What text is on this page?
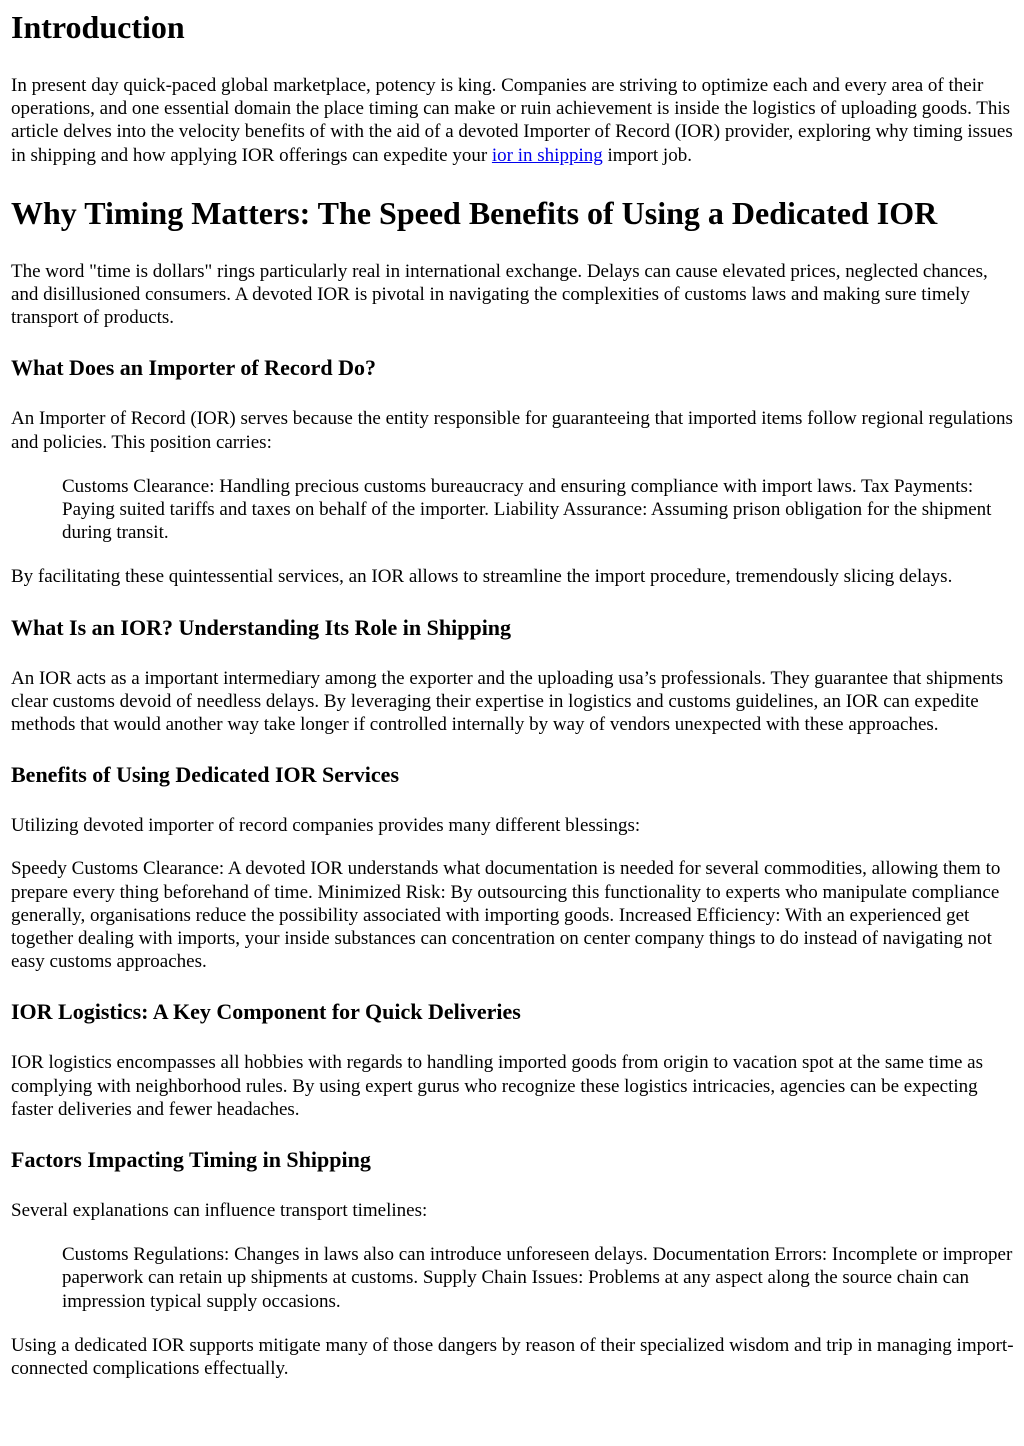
Introduction

In present day quick-paced global marketplace, potency is king. Companies are striving to optimize each and every area of their operations, and one essential domain the place timing can make or ruin achievement is inside the logistics of uploading goods. This article delves into the velocity benefits of with the aid of a devoted Importer of Record (IOR) provider, exploring why timing issues in shipping and how applying IOR offerings can expedite your ior in shipping import job.

Why Timing Matters: The Speed Benefits of Using a Dedicated IOR

The word "time is dollars" rings particularly real in international exchange. Delays can cause elevated prices, neglected chances, and disillusioned consumers. A devoted IOR is pivotal in navigating the complexities of customs laws and making sure timely transport of products.

What Does an Importer of Record Do?

An Importer of Record (IOR) serves because the entity responsible for guaranteeing that imported items follow regional regulations and policies. This position carries:

Customs Clearance: Handling precious customs bureaucracy and ensuring compliance with import laws. Tax Payments: Paying suited tariffs and taxes on behalf of the importer. Liability Assurance: Assuming prison obligation for the shipment during transit.

By facilitating these quintessential services, an IOR allows to streamline the import procedure, tremendously slicing delays.

What Is an IOR? Understanding Its Role in Shipping

An IOR acts as a important intermediary among the exporter and the uploading usa’s professionals. They guarantee that shipments clear customs devoid of needless delays. By leveraging their expertise in logistics and customs guidelines, an IOR can expedite methods that would another way take longer if controlled internally by way of vendors unexpected with these approaches.

Benefits of Using Dedicated IOR Services

Utilizing devoted importer of record companies provides many different blessings:

Speedy Customs Clearance: A devoted IOR understands what documentation is needed for several commodities, allowing them to prepare every thing beforehand of time. Minimized Risk: By outsourcing this functionality to experts who manipulate compliance generally, organisations reduce the possibility associated with importing goods. Increased Efficiency: With an experienced get together dealing with imports, your inside substances can concentration on center company things to do instead of navigating not easy customs approaches.

IOR Logistics: A Key Component for Quick Deliveries

IOR logistics encompasses all hobbies with regards to handling imported goods from origin to vacation spot at the same time as complying with neighborhood rules. By using expert gurus who recognize these logistics intricacies, agencies can be expecting faster deliveries and fewer headaches.

Factors Impacting Timing in Shipping

Several explanations can influence transport timelines:

Customs Regulations: Changes in laws also can introduce unforeseen delays. Documentation Errors: Incomplete or improper paperwork can retain up shipments at customs. Supply Chain Issues: Problems at any aspect along the source chain can impression typical supply occasions.

Using a dedicated IOR supports mitigate many of those dangers by reason of their specialized wisdom and trip in managing import-connected complications effectually.
